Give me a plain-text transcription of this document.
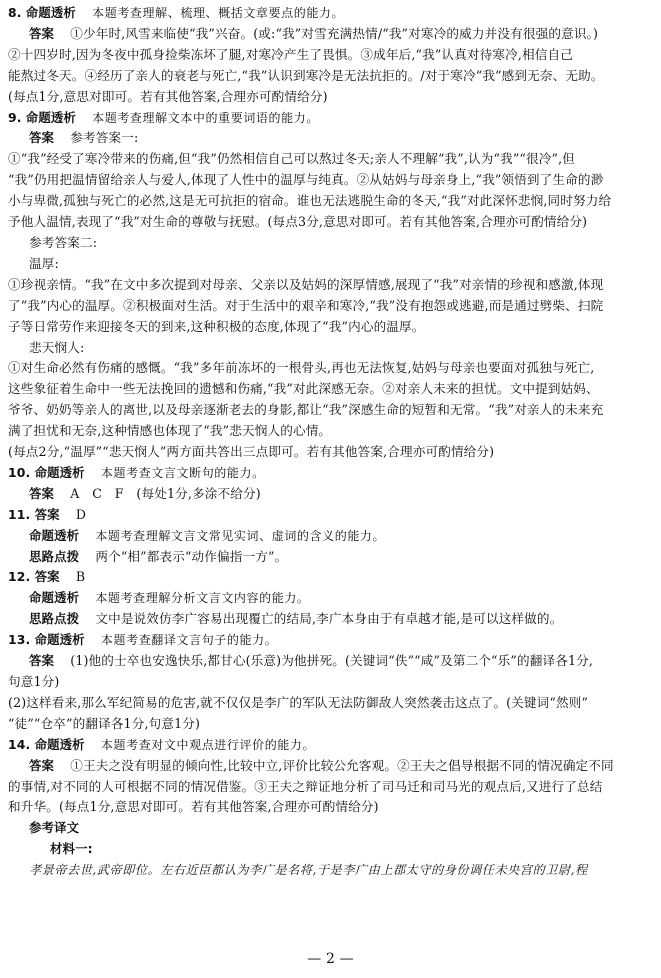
8. 命题透析 本题考查理解、梳理、概括文章要点的能力。
答案 ①少年时,风雪来临使“我”兴奋。(或:“我”对雪充满热情/“我”对寒冷的威力并没有很强的意识。)
②十四岁时,因为冬夜中孤身捡柴冻坏了腿,对寒冷产生了畏惧。③成年后,“我”认真对待寒冷,相信自己
能熬过冬天。④经历了亲人的衰老与死亡,“我”认识到寒冷是无法抗拒的。/对于寒冷“我”感到无奈、无助。
(每点1分,意思对即可。若有其他答案,合理亦可酌情给分)
9. 命题透析 本题考查理解文本中的重要词语的能力。
答案 参考答案一:
①“我”经受了寒冷带来的伤痛,但“我”仍然相信自己可以熬过冬天;亲人不理解“我”,认为“我”“很冷”,但
“我”仍用把温情留给亲人与爱人,体现了人性中的温厚与纯真。②从姑妈与母亲身上,“我”领悟到了生命的渺
小与卑微,孤独与死亡的必然,这是无可抗拒的宿命。谁也无法逃脱生命的冬天,“我”对此深怀悲悯,同时努力给
予他人温情,表现了“我”对生命的尊敬与抚慰。(每点3分,意思对即可。若有其他答案,合理亦可酌情给分)
参考答案二:
温厚:
①珍视亲情。“我”在文中多次提到对母亲、父亲以及姑妈的深厚情感,展现了“我”对亲情的珍视和感激,体现
了“我”内心的温厚。②积极面对生活。对于生活中的艰辛和寒冷,“我”没有抱怨或逃避,而是通过劈柴、扫院
子等日常劳作来迎接冬天的到来,这种积极的态度,体现了“我”内心的温厚。
悲天悯人:
①对生命必然有伤痛的感慨。“我”多年前冻坏的一根骨头,再也无法恢复,姑妈与母亲也要面对孤独与死亡,
这些象征着生命中一些无法挽回的遗憾和伤痛,“我”对此深感无奈。②对亲人未来的担忧。文中提到姑妈、
爷爷、奶奶等亲人的离世,以及母亲逐渐老去的身影,都让“我”深感生命的短暂和无常。“我”对亲人的未来充
满了担忧和无奈,这种情感也体现了“我”悲天悯人的心情。
(每点2分,“温厚”“悲天悯人”两方面共答出三点即可。若有其他答案,合理亦可酌情给分)
10. 命题透析 本题考查文言文断句的能力。
答案 A　C　F　(每处1分,多涂不给分)
11. 答案 D
命题透析 本题考查理解文言文常见实词、虚词的含义的能力。
思路点拨 两个“相”都表示“动作偏指一方”。
12. 答案 B
命题透析 本题考查理解分析文言文内容的能力。
思路点拨 文中是说效仿李广容易出现覆亡的结局,李广本身由于有卓越才能,是可以这样做的。
13. 命题透析 本题考查翻译文言句子的能力。
答案 (1)他的士卒也安逸快乐,都甘心(乐意)为他拼死。(关键词“佚”“咸”及第二个“乐”的翻译各1分,
句意1分)
(2)这样看来,那么军纪简易的危害,就不仅仅是李广的军队无法防御敌人突然袭击这点了。(关键词“然则”
“徒”“仓卒”的翻译各1分,句意1分)
14. 命题透析 本题考查对文中观点进行评价的能力。
答案 ①王夫之没有明显的倾向性,比较中立,评价比较公允客观。②王夫之倡导根据不同的情况确定不同
的事情,对不同的人可根据不同的情况借鉴。③王夫之辩证地分析了司马迁和司马光的观点后,又进行了总结
和升华。(每点1分,意思对即可。若有其他答案,合理亦可酌情给分)
参考译文
材料一:
孝景帝去世,武帝即位。左右近臣都认为李广是名将,于是李广由上郡太守的身份调任未央宫的卫尉,程
— 2 —
